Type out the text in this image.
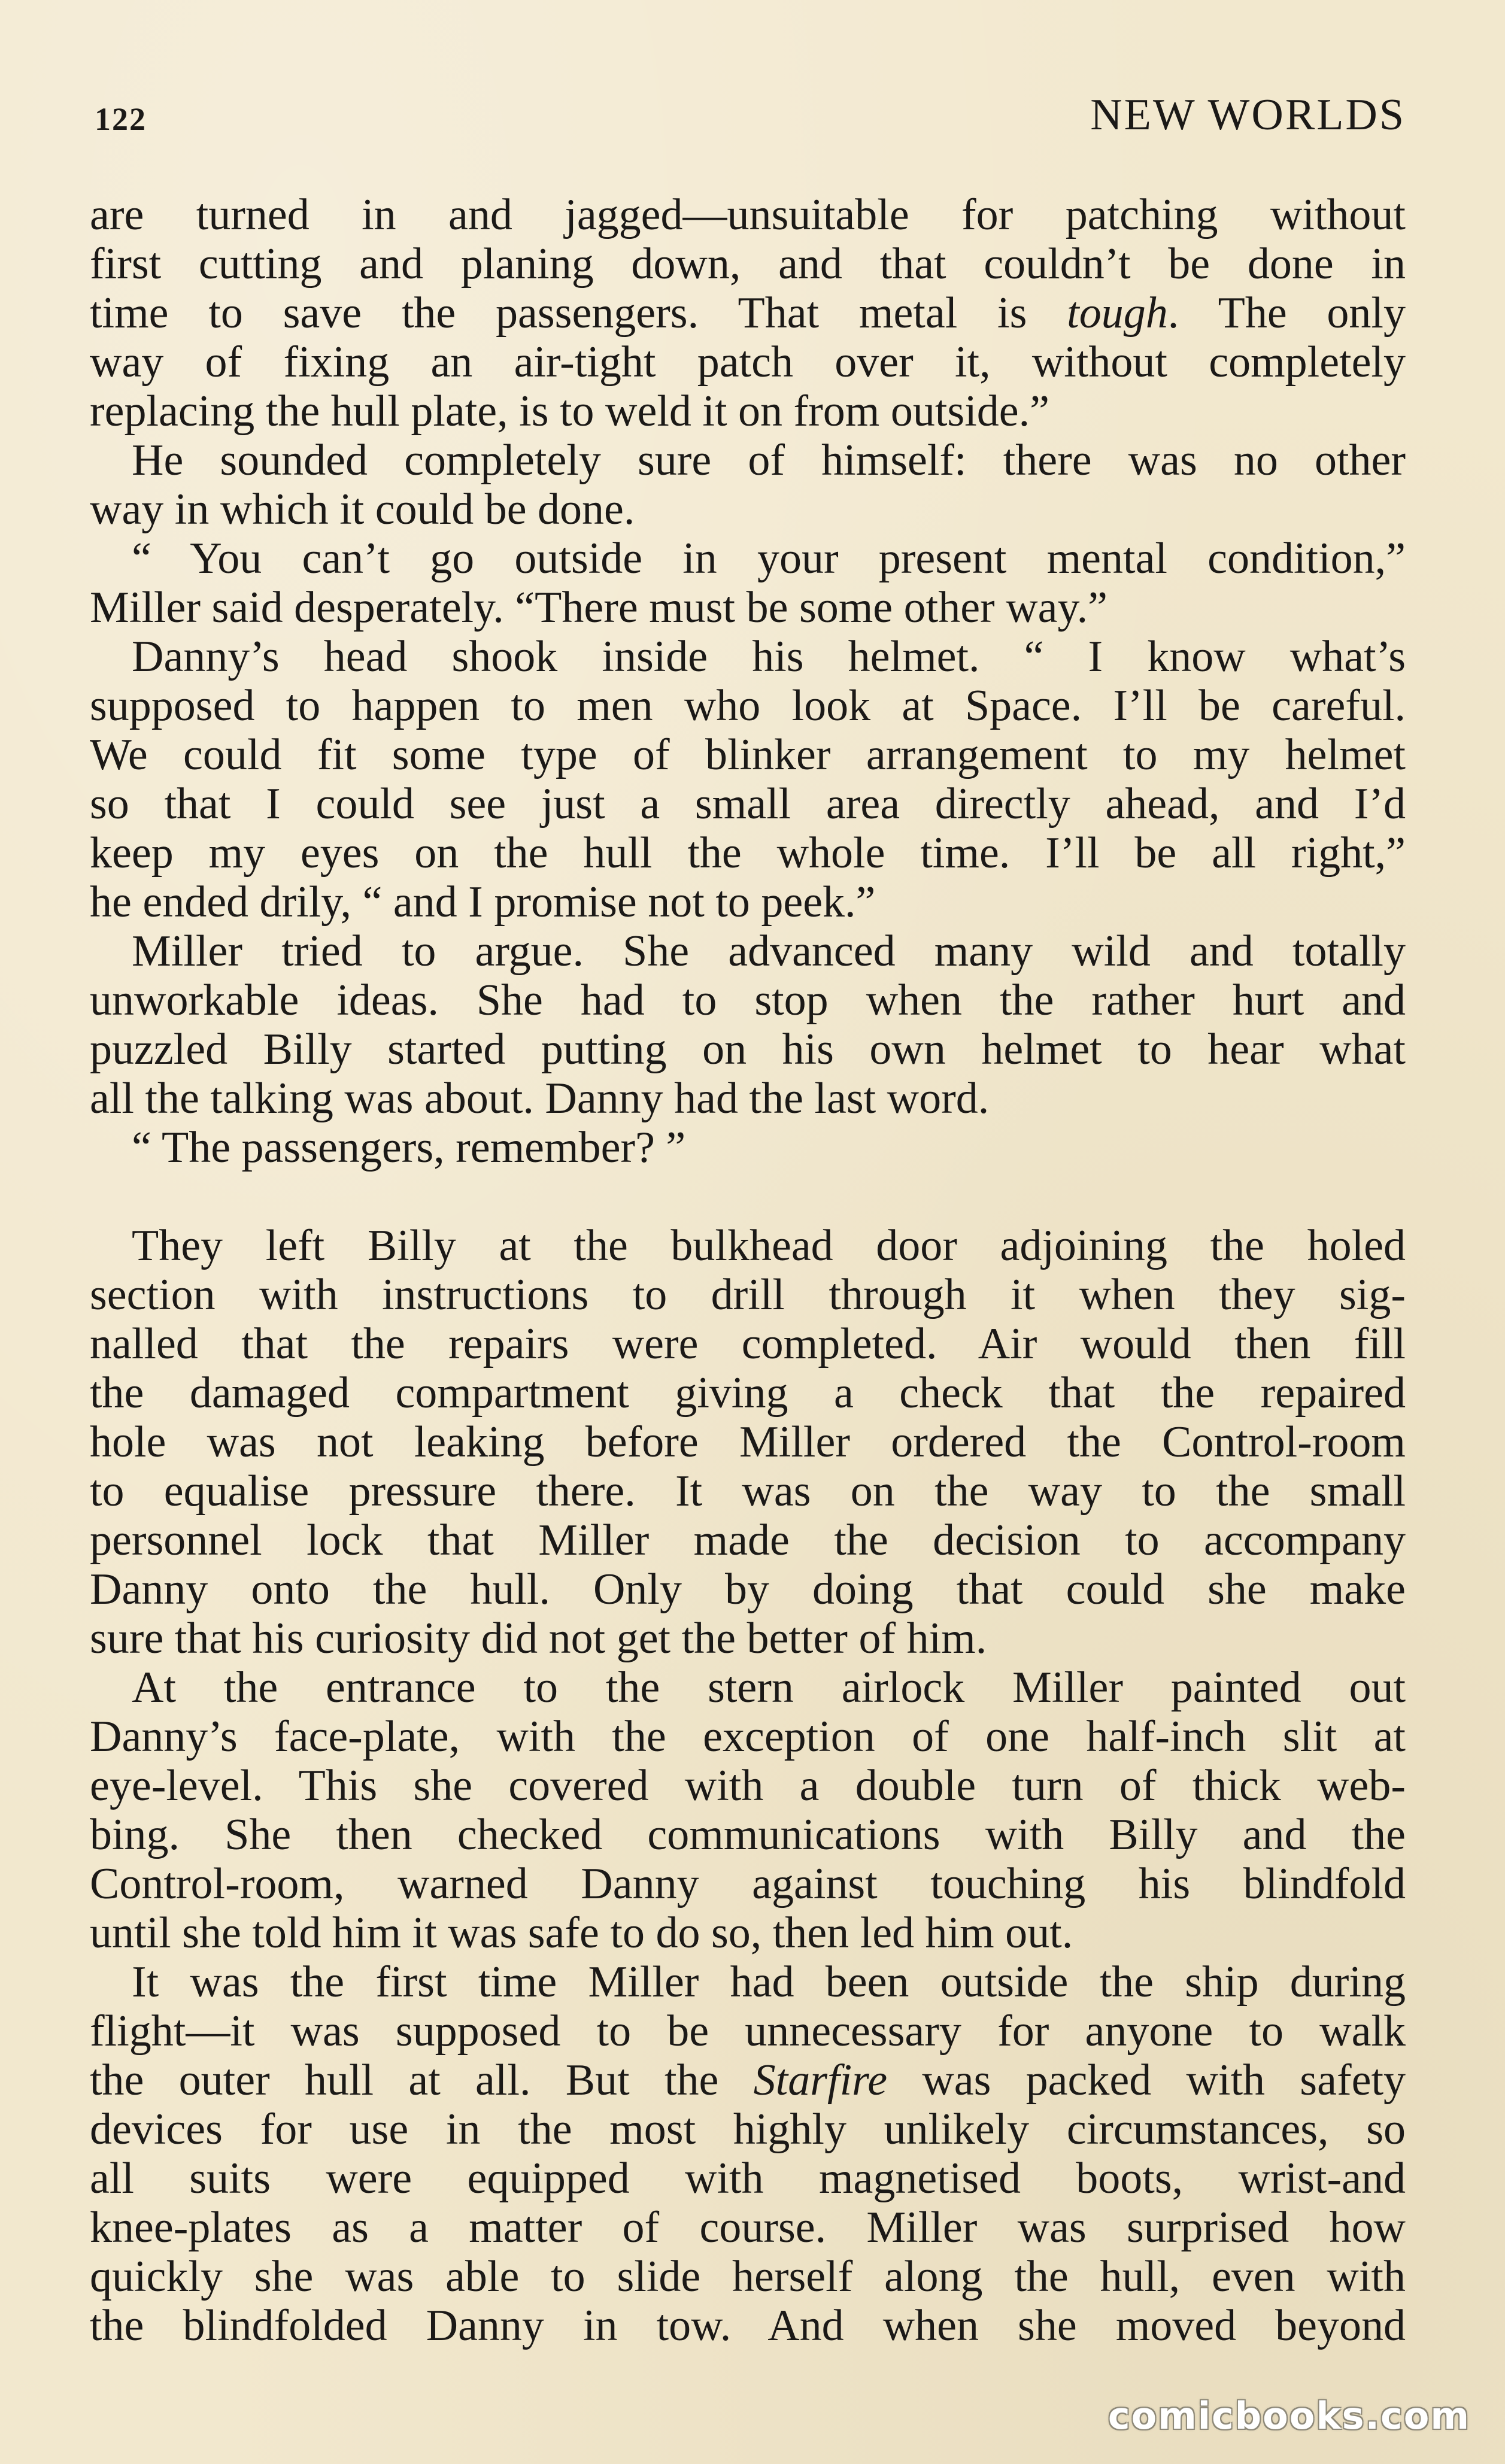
122	NEW WORLDS
are turned in and jagged—unsuitable for patching without
first cutting and planing down, and that couldn’t be done in
time to save the passengers. That metal is tough. The only
way of fixing an air-tight patch over it, without completely
replacing the hull plate, is to weld it on from outside.”
He sounded completely sure of himself: there was no other
way in which it could be done.
“ You can’t go outside in your present mental condition,”
Miller said desperately. “There must be some other way.”
Danny’s head shook inside his helmet. “ I know what’s
supposed to happen to men who look at Space. I’ll be careful.
We could fit some type of blinker arrangement to my helmet
so that I could see just a small area directly ahead, and I’d
keep my eyes on the hull the whole time. I’ll be all right,”
he ended drily, “ and I promise not to peek.”
Miller tried to argue. She advanced many wild and totally
unworkable ideas. She had to stop when the rather hurt and
puzzled Billy started putting on his own helmet to hear what
all the talking was about. Danny had the last word.
“ The passengers, remember? ”
They left Billy at the bulkhead door adjoining the holed
section with instructions to drill through it when they sig-
nalled that the repairs were completed. Air would then fill
the damaged compartment giving a check that the repaired
hole was not leaking before Miller ordered the Control-room
to equalise pressure there. It was on the way to the small
personnel lock that Miller made the decision to accompany
Danny onto the hull. Only by doing that could she make
sure that his curiosity did not get the better of him.
At the entrance to the stern airlock Miller painted out
Danny’s face-plate, with the exception of one half-inch slit at
eye-level. This she covered with a double turn of thick web-
bing. She then checked communications with Billy and the
Control-room, warned Danny against touching his blindfold
until she told him it was safe to do so, then led him out.
It was the first time Miller had been outside the ship during
flight—it was supposed to be unnecessary for anyone to walk
the outer hull at all. But the Starfire was packed with safety
devices for use in the most highly unlikely circumstances, so
all suits were equipped with magnetised boots, wrist-and
knee-plates as a matter of course. Miller was surprised how
quickly she was able to slide herself along the hull, even with
the blindfolded Danny in tow. And when she moved beyond
comicbooks.com
